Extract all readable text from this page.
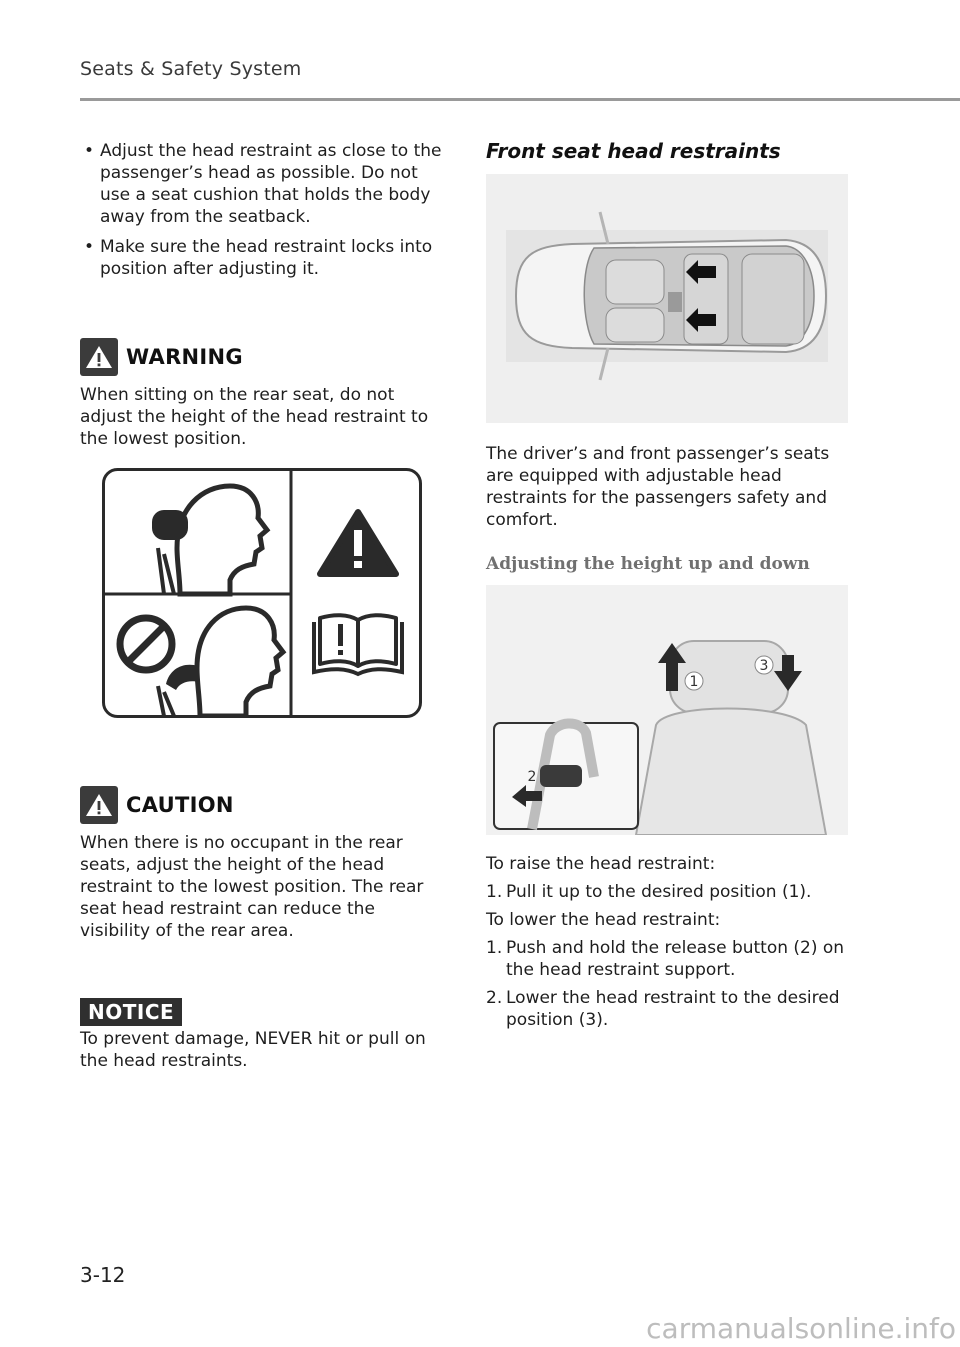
Seats & Safety System
• Adjust the head restraint as close to the passenger’s head as possible. Do not use a seat cushion that holds the body away from the seatback.
• Make sure the head restraint locks into position after adjusting it.
WARNING

When sitting on the rear seat, do not adjust the height of the head restraint to the lowest position.

CAUTION

When there is no occupant in the rear seats, adjust the height of the head restraint to the lowest position. The rear seat head restraint can reduce the visibility of the rear area.

NOTICE

To prevent damage, NEVER hit or pull on the head restraints.

Front seat head restraints

The driver’s and front passenger’s seats are equipped with adjustable head restraints for the passengers safety and comfort.

Adjusting the height up and down
1
3
2

To raise the head restraint:

1. Pull it up to the desired position (1).

To lower the head restraint:

1. Push and hold the release button (2) on the head restraint support.
2. Lower the head restraint to the desired position (3).
3-12
carmanualsonline.info
